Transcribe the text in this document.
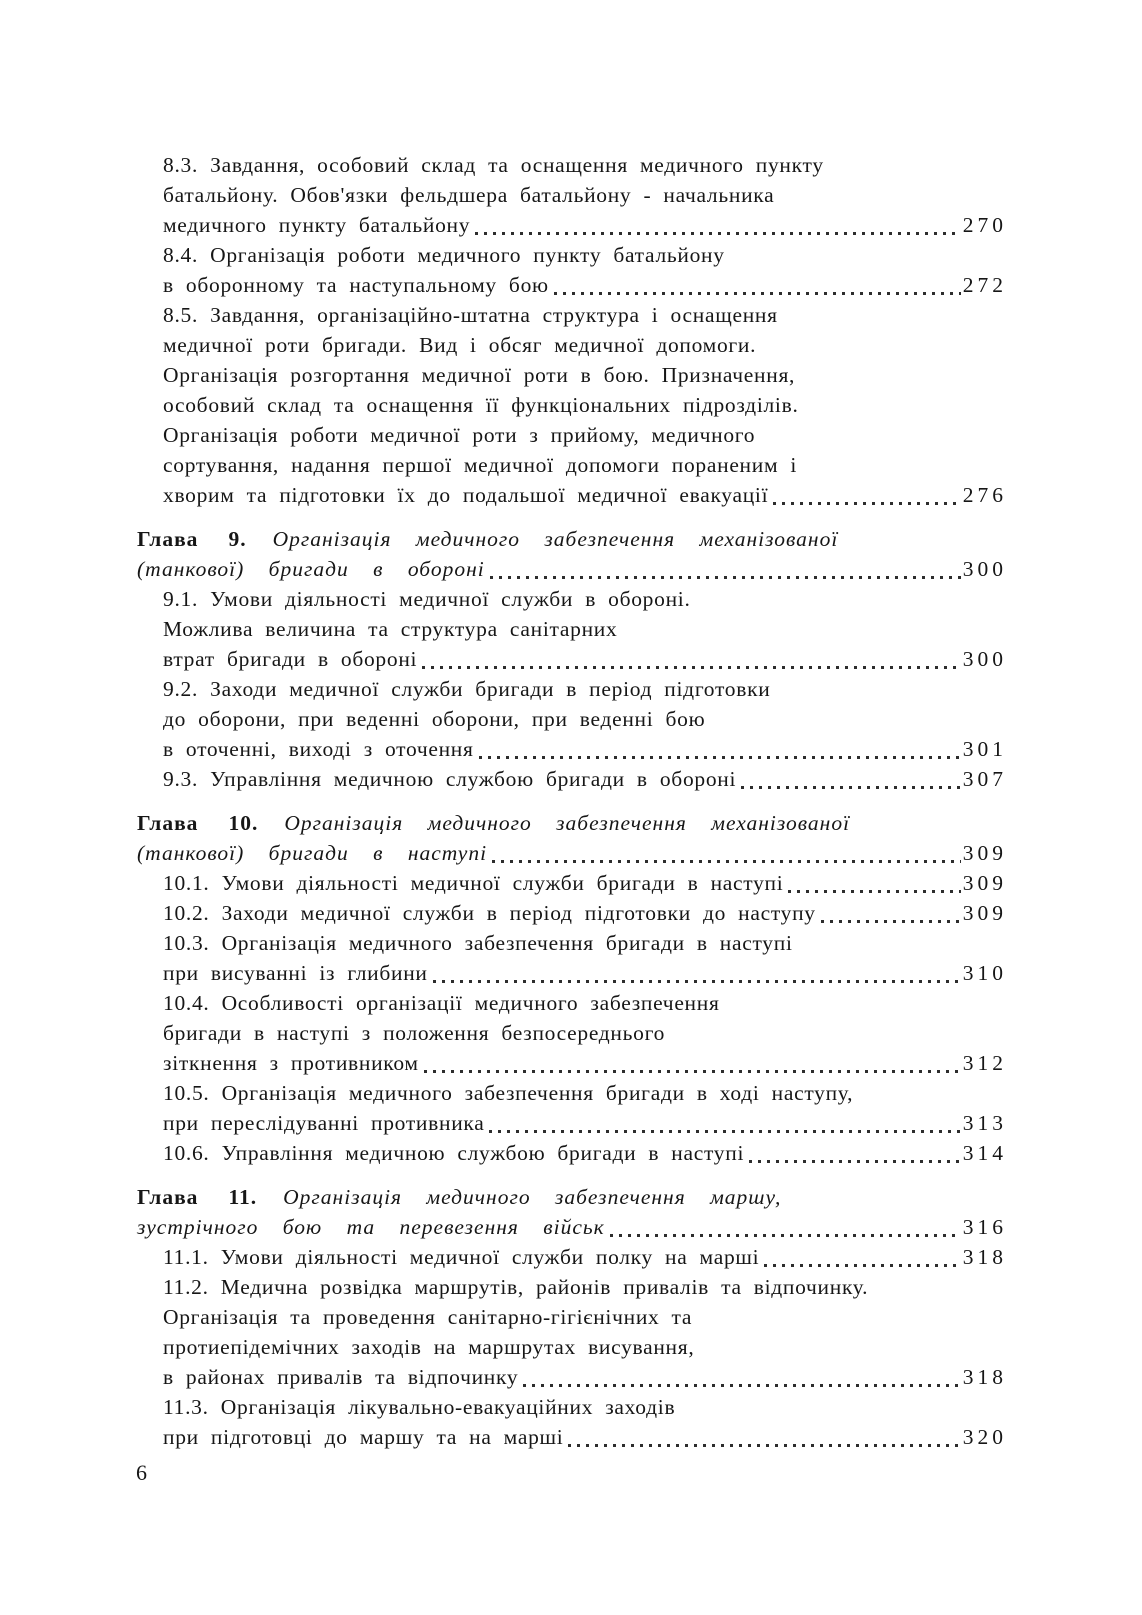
8.3. Завдання, особовий склад та оснащення медичного пункту
батальйону. Обов'язки фельдшера батальйону - начальника
медичного пункту батальйону	270
8.4. Організація роботи медичного пункту батальйону
в оборонному та наступальному бою	272
8.5. Завдання, організаційно-штатна структура і оснащення
медичної роти бригади. Вид і обсяг медичної допомоги.
Організація розгортання медичної роти в бою. Призначення,
особовий склад та оснащення її функціональних підрозділів.
Організація роботи медичної роти з прийому, медичного
сортування, надання першої медичної допомоги пораненим і
хворим та підготовки їх до подальшої медичної евакуації	276
Глава 9. Організація медичного забезпечення механізованої
(танкової) бригади в обороні	300
9.1. Умови діяльності медичної служби в обороні.
Можлива величина та структура санітарних
втрат бригади в обороні	300
9.2. Заходи медичної служби бригади в період підготовки
до оборони, при веденні оборони, при веденні бою
в оточенні, виході з оточення	301
9.3. Управління медичною службою бригади в обороні	307
Глава 10. Організація медичного забезпечення механізованої
(танкової) бригади в наступі	309
10.1. Умови діяльності медичної служби бригади в наступі	309
10.2. Заходи медичної служби в період підготовки до наступу	309
10.3. Організація медичного забезпечення бригади в наступі
при висуванні із глибини	310
10.4. Особливості організації медичного забезпечення
бригади в наступі з положення безпосереднього
зіткнення з противником	312
10.5. Організація медичного забезпечення бригади в ході наступу,
при переслідуванні противника	313
10.6. Управління медичною службою бригади в наступі	314
Глава 11. Організація медичного забезпечення маршу,
зустрічного бою та перевезення військ	316
11.1. Умови діяльності медичної служби полку на марші	318
11.2. Медична розвідка маршрутів, районів привалів та відпочинку.
Організація та проведення санітарно-гігієнічних та
протиепідемічних заходів на маршрутах висування,
в районах привалів та відпочинку	318
11.3. Організація лікувально-евакуаційних заходів
при підготовці до маршу та на марші	320
6
